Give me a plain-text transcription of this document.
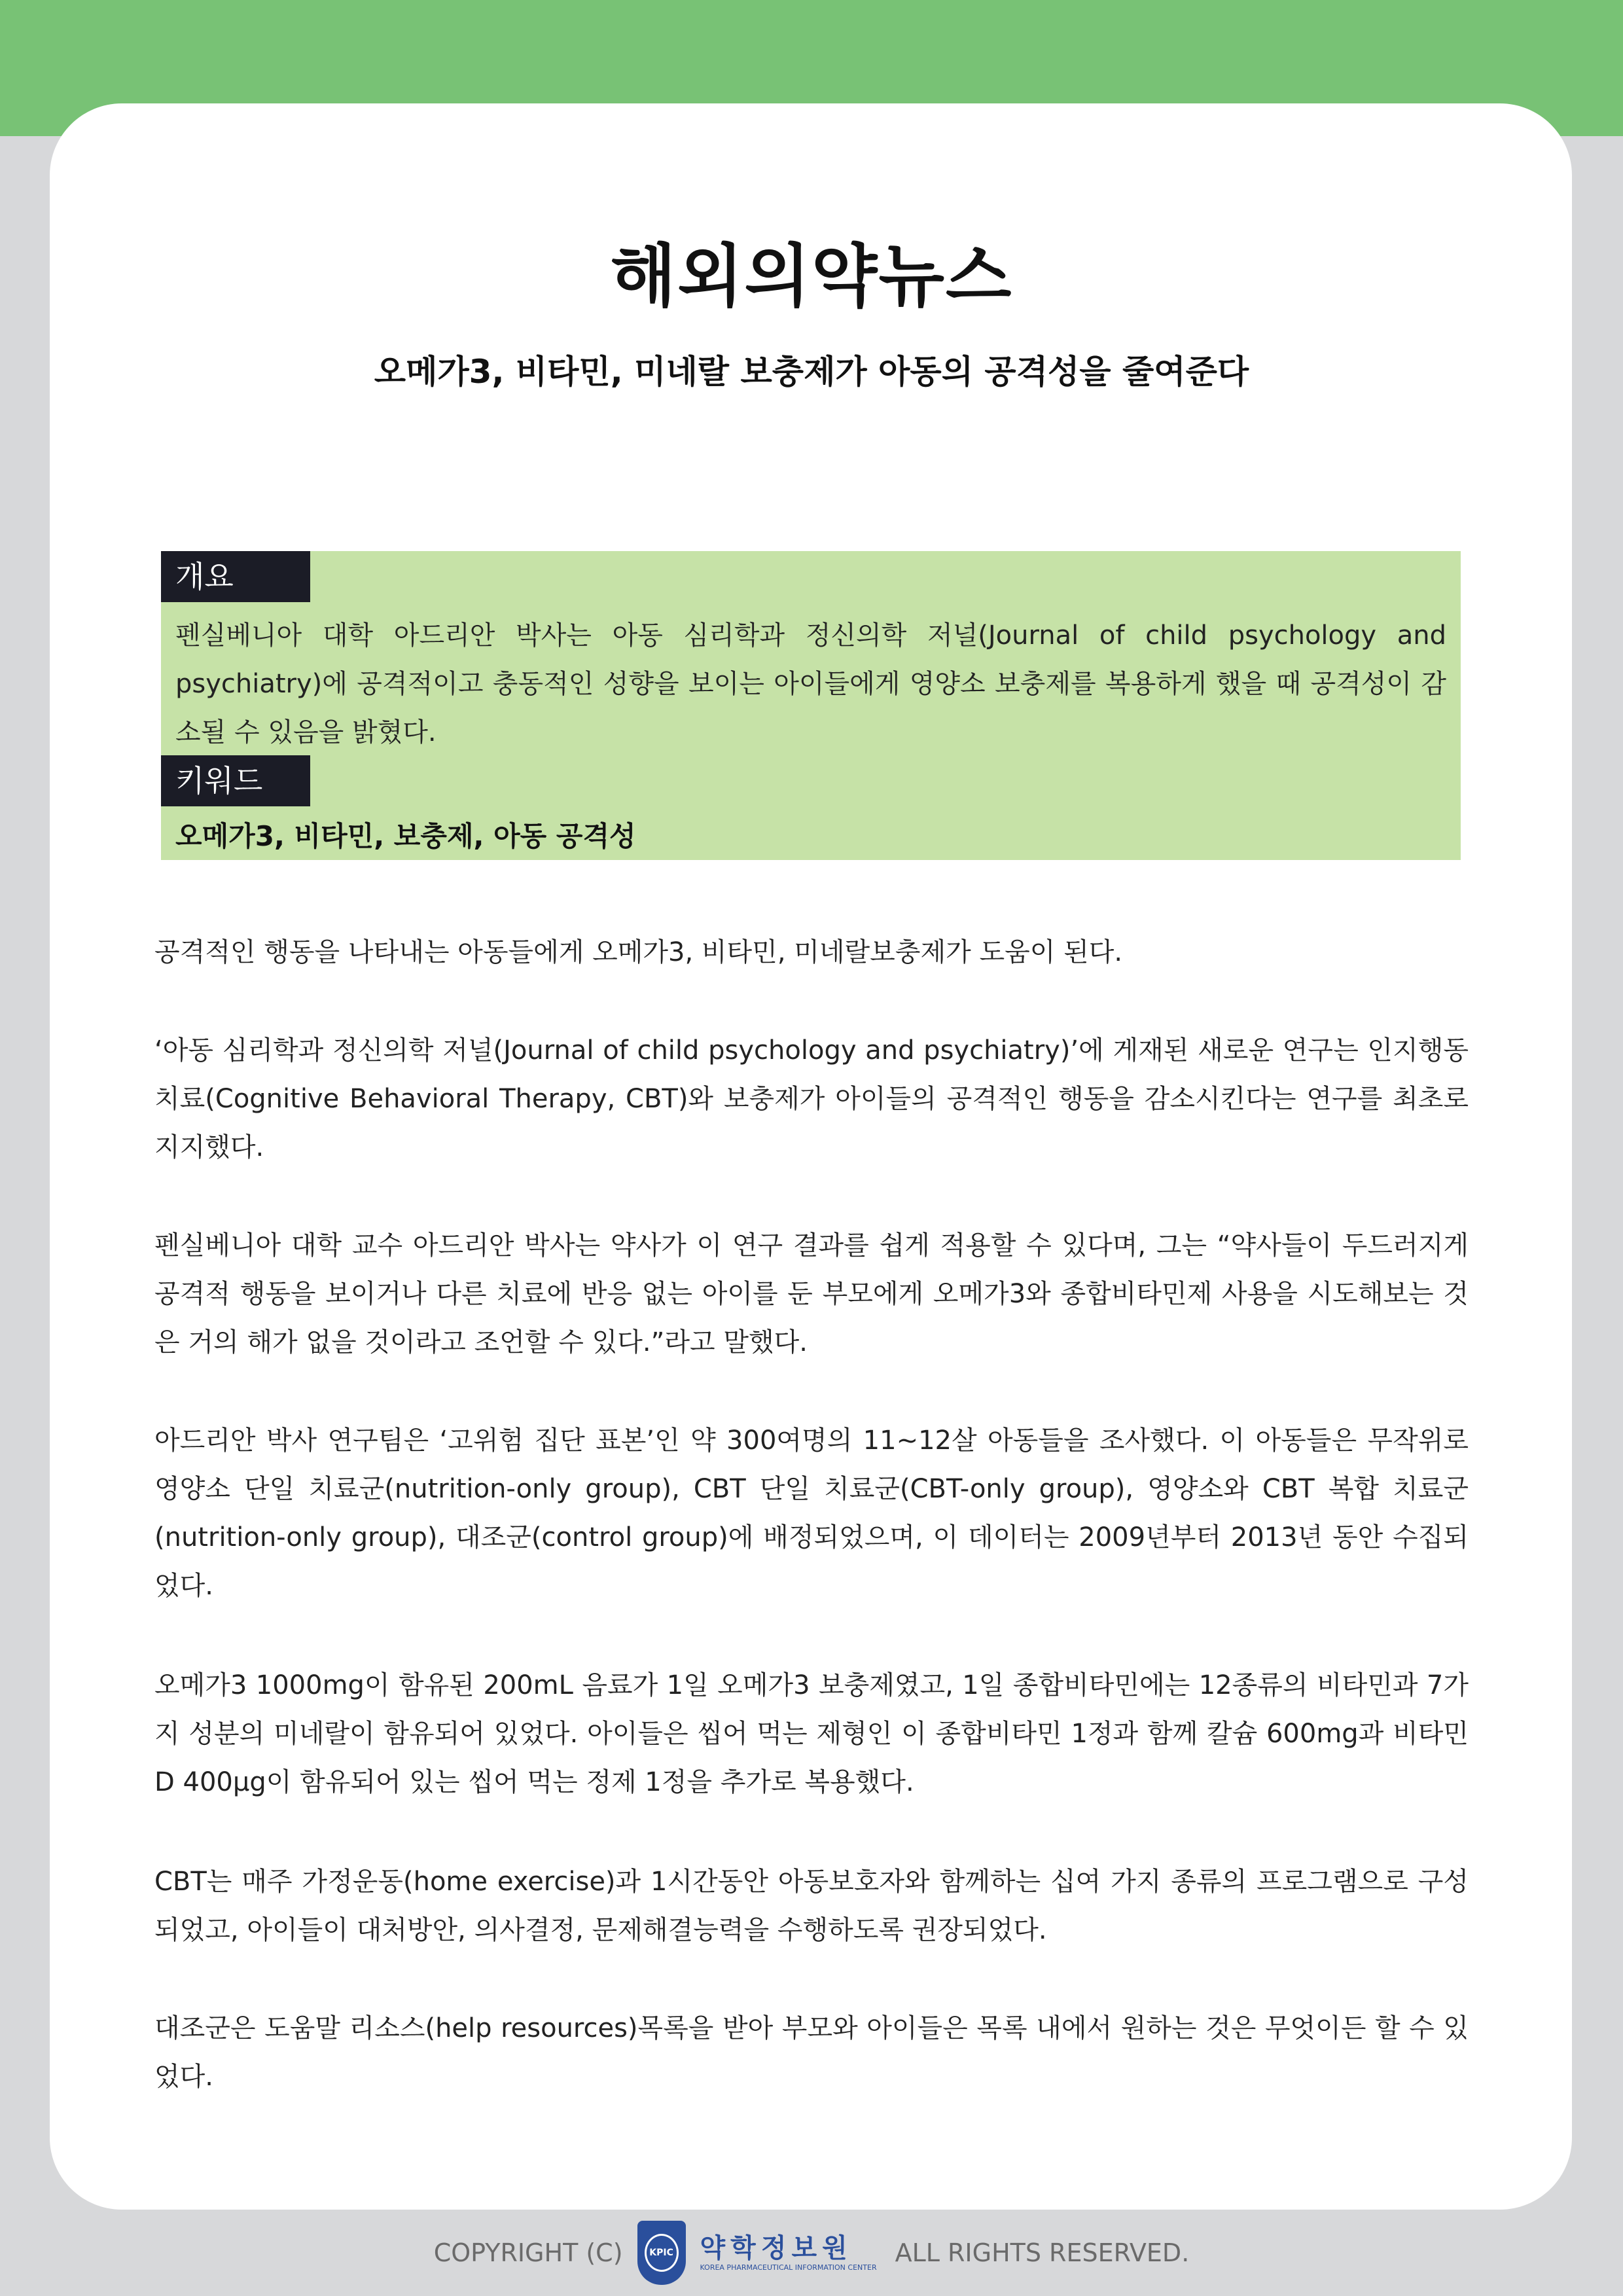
해외의약뉴스
오메가3, 비타민, 미네랄 보충제가 아동의 공격성을 줄여준다
개요

펜실베니아 대학 아드리안 박사는 아동 심리학과 정신의학 저널(Journal of child psychology and psychiatry)에 공격적이고 충동적인 성향을 보이는 아이들에게 영양소 보충제를 복용하게 했을 때 공격성이 감소될 수 있음을 밝혔다.

키워드

오메가3, 비타민, 보충제, 아동 공격성

공격적인 행동을 나타내는 아동들에게 오메가3, 비타민, 미네랄보충제가 도움이 된다.

‘아동 심리학과 정신의학 저널(Journal of child psychology and psychiatry)’에 게재된 새로운 연구는 인지행동치료(Cognitive Behavioral Therapy, CBT)와 보충제가 아이들의 공격적인 행동을 감소시킨다는 연구를 최초로 지지했다.

펜실베니아 대학 교수 아드리안 박사는 약사가 이 연구 결과를 쉽게 적용할 수 있다며, 그는 “약사들이 두드러지게 공격적 행동을 보이거나 다른 치료에 반응 없는 아이를 둔 부모에게 오메가3와 종합비타민제 사용을 시도해보는 것은 거의 해가 없을 것이라고 조언할 수 있다.”라고 말했다.

아드리안 박사 연구팀은 ‘고위험 집단 표본’인 약 300여명의 11~12살 아동들을 조사했다. 이 아동들은 무작위로 영양소 단일 치료군(nutrition-only group), CBT 단일 치료군(CBT-only group), 영양소와 CBT 복합 치료군(nutrition-only group), 대조군(control group)에 배정되었으며, 이 데이터는 2009년부터 2013년 동안 수집되었다.

오메가3 1000mg이 함유된 200mL 음료가 1일 오메가3 보충제였고, 1일 종합비타민에는 12종류의 비타민과 7가지 성분의 미네랄이 함유되어 있었다. 아이들은 씹어 먹는 제형인 이 종합비타민 1정과 함께 칼슘 600mg과 비타민D 400μg이 함유되어 있는 씹어 먹는 정제 1정을 추가로 복용했다.

CBT는 매주 가정운동(home exercise)과 1시간동안 아동보호자와 함께하는 십여 가지 종류의 프로그램으로 구성되었고, 아이들이 대처방안, 의사결정, 문제해결능력을 수행하도록 권장되었다.

대조군은 도움말 리소스(help resources)목록을 받아 부모와 아이들은 목록 내에서 원하는 것은 무엇이든 할 수 있었다.

COPYRIGHT (C)	KPIC 약학정보원
KOREA PHARMACEUTICAL INFORMATION CENTER
ALL RIGHTS RESERVED.
